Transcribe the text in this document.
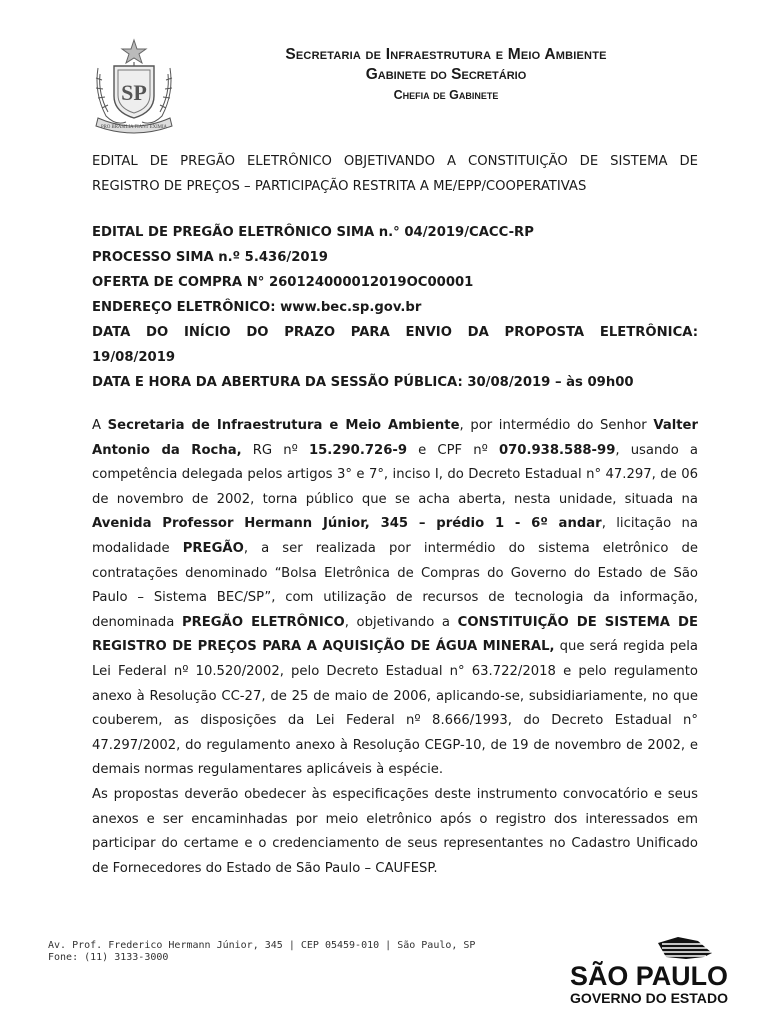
SP
PRO BRASILIA FIANT EXIMIA
Secretaria de Infraestrutura e Meio Ambiente
Gabinete do Secretário
Chefia de Gabinete
EDITAL DE PREGÃO ELETRÔNICO OBJETIVANDO A CONSTITUIÇÃO DE SISTEMA DE REGISTRO DE PREÇOS – PARTICIPAÇÃO RESTRITA A ME/EPP/COOPERATIVAS
EDITAL DE PREGÃO ELETRÔNICO SIMA n.° 04/2019/CACC-RP
PROCESSO SIMA n.º 5.436/2019
OFERTA DE COMPRA N° 260124000012019OC00001
ENDEREÇO ELETRÔNICO: www.bec.sp.gov.br
DATA DO INÍCIO DO PRAZO PARA ENVIO DA PROPOSTA ELETRÔNICA:
19/08/2019
DATA E HORA DA ABERTURA DA SESSÃO PÚBLICA: 30/08/2019 – às 09h00

A Secretaria de Infraestrutura e Meio Ambiente, por intermédio do Senhor Valter Antonio da Rocha, RG nº 15.290.726-9 e CPF nº 070.938.588-99, usando a competência delegada pelos artigos 3° e 7°, inciso I, do Decreto Estadual n° 47.297, de 06 de novembro de 2002, torna público que se acha aberta, nesta unidade, situada na Avenida Professor Hermann Júnior, 345 – prédio 1 - 6º andar, licitação na modalidade PREGÃO, a ser realizada por intermédio do sistema eletrônico de contratações denominado “Bolsa Eletrônica de Compras do Governo do Estado de São Paulo – Sistema BEC/SP”, com utilização de recursos de tecnologia da informação, denominada PREGÃO ELETRÔNICO, objetivando a CONSTITUIÇÃO DE SISTEMA DE REGISTRO DE PREÇOS PARA A AQUISIÇÃO DE ÁGUA MINERAL, que será regida pela Lei Federal nº 10.520/2002, pelo Decreto Estadual n° 63.722/2018 e pelo regulamento anexo à Resolução CC-27, de 25 de maio de 2006, aplicando-se, subsidiariamente, no que couberem, as disposições da Lei Federal nº 8.666/1993, do Decreto Estadual n° 47.297/2002, do regulamento anexo à Resolução CEGP-10, de 19 de novembro de 2002, e demais normas regulamentares aplicáveis à espécie.

As propostas deverão obedecer às especificações deste instrumento convocatório e seus anexos e ser encaminhadas por meio eletrônico após o registro dos interessados em participar do certame e o credenciamento de seus representantes no Cadastro Unificado de Fornecedores do Estado de São Paulo – CAUFESP.

Av. Prof. Frederico Hermann Júnior, 345 | CEP 05459-010 | São Paulo, SP
Fone: (11) 3133-3000
SÃO PAULO
GOVERNO DO ESTADO
